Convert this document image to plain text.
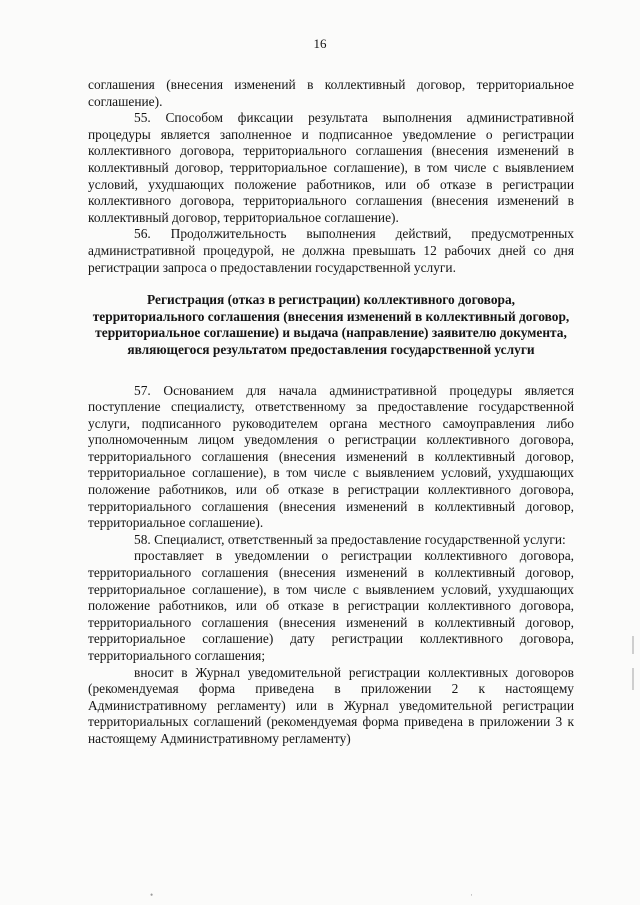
16

соглашения (внесения изменений в коллективный договор, территориальное соглашение).

55. Способом фиксации результата выполнения административной процедуры является заполненное и подписанное уведомление о регистрации коллективного договора, территориального соглашения (внесения изменений в коллективный договор, территориальное соглашение), в том числе с выявлением условий, ухудшающих положение работников, или об отказе в регистрации коллективного договора, территориального соглашения (внесения изменений в коллективный договор, территориальное соглашение).

56. Продолжительность выполнения действий, предусмотренных административной процедурой, не должна превышать 12 рабочих дней со дня регистрации запроса о предоставлении государственной услуги.

Регистрация (отказ в регистрации) коллективного договора, территориального соглашения (внесения изменений в коллективный договор, территориальное соглашение) и выдача (направление) заявителю документа, являющегося результатом предоставления государственной услуги

57. Основанием для начала административной процедуры является поступление специалисту, ответственному за предоставление государственной услуги, подписанного руководителем органа местного самоуправления либо уполномоченным лицом уведомления о регистрации коллективного договора, территориального соглашения (внесения изменений в коллективный договор, территориальное соглашение), в том числе с выявлением условий, ухудшающих положение работников, или об отказе в регистрации коллективного договора, территориального соглашения (внесения изменений в коллективный договор, территориальное соглашение).

58. Специалист, ответственный за предоставление государственной услуги:

проставляет в уведомлении о регистрации коллективного договора, территориального соглашения (внесения изменений в коллективный договор, территориальное соглашение), в том числе с выявлением условий, ухудшающих положение работников, или об отказе в регистрации коллективного договора, территориального соглашения (внесения изменений в коллективный договор, территориальное соглашение) дату регистрации коллективного договора, территориального соглашения;

вносит в Журнал уведомительной регистрации коллективных договоров (рекомендуемая форма приведена в приложении 2 к настоящему Административному регламенту) или в Журнал уведомительной регистрации территориальных соглашений (рекомендуемая форма приведена в приложении 3 к настоящему Административному регламенту)

•	·
